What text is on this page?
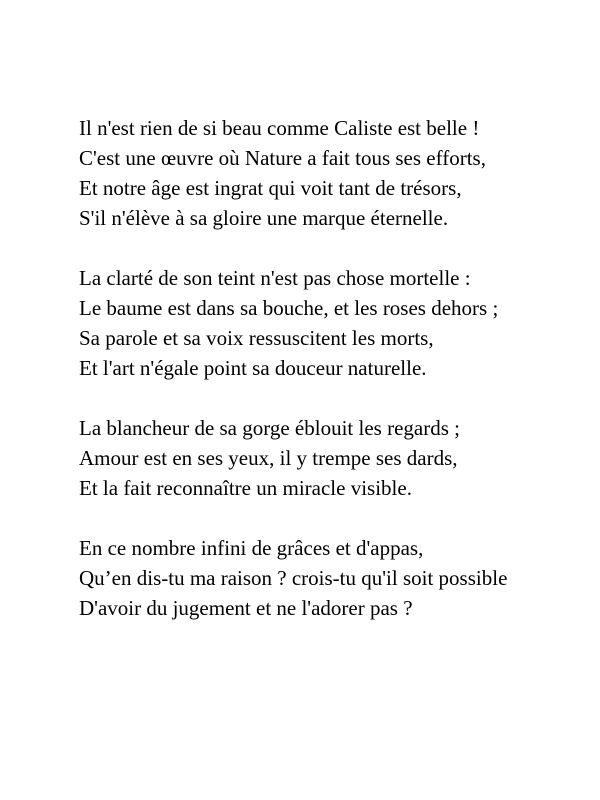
Il n'est rien de si beau comme Caliste est belle !
C'est une œuvre où Nature a fait tous ses efforts,
Et notre âge est ingrat qui voit tant de trésors,
S'il n'élève à sa gloire une marque éternelle.
La clarté de son teint n'est pas chose mortelle :
Le baume est dans sa bouche, et les roses dehors ;
Sa parole et sa voix ressuscitent les morts,
Et l'art n'égale point sa douceur naturelle.
La blancheur de sa gorge éblouit les regards ;
Amour est en ses yeux, il y trempe ses dards,
Et la fait reconnaître un miracle visible.
En ce nombre infini de grâces et d'appas,
Qu’en dis-tu ma raison ? crois-tu qu'il soit possible
D'avoir du jugement et ne l'adorer pas ?
